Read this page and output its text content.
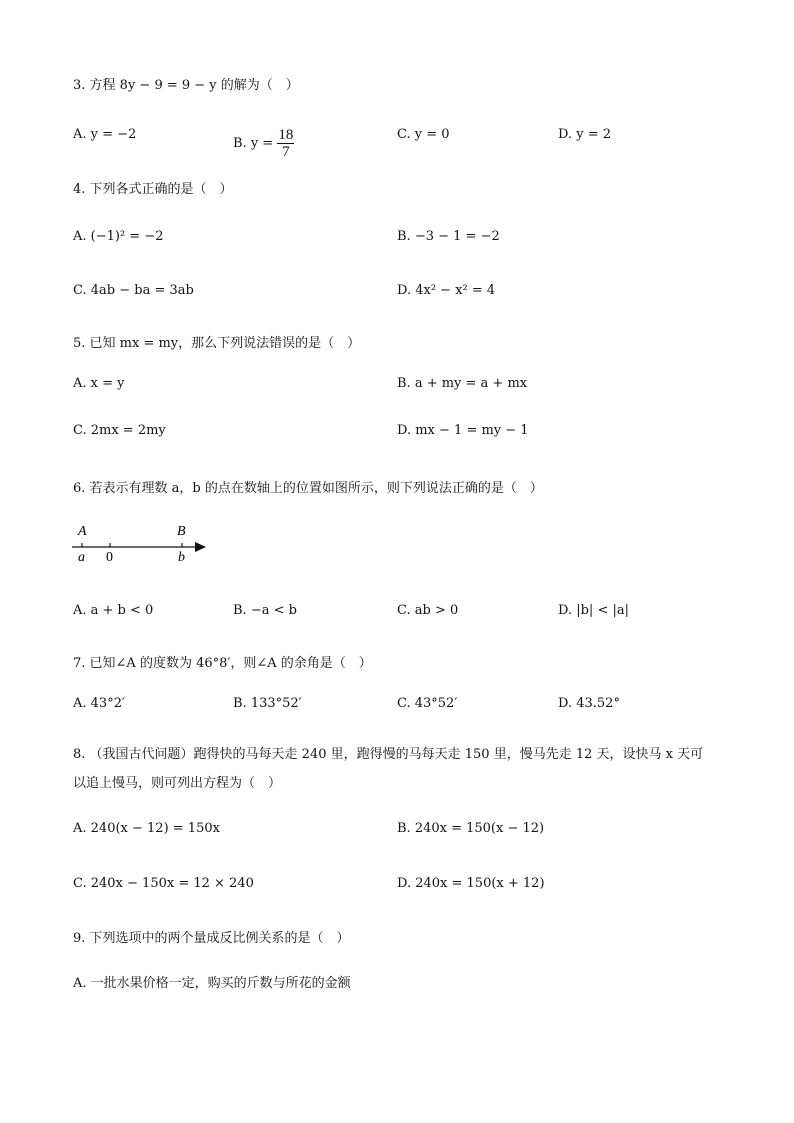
3. 方程 8y − 9 = 9 − y 的解为（　）
A. y = −2
B. $y = \frac{18}{7}$	C. y = 0	D. y = 2
4. 下列各式正确的是（　）
A. (−1)² = −2	B. −3 − 1 = −2
C. 4ab − ba = 3ab	D. 4x² − x² = 4
5. 已知 mx = my，那么下列说法错误的是（　）
A. x = y	B. a + my = a + mx
C. 2mx = 2my	D. mx − 1 = my − 1
6. 若表示有理数 a，b 的点在数轴上的位置如图所示，则下列说法正确的是（　）
A	B
a 0	b
A. a + b < 0	B. −a < b	C. ab > 0	D. |b| < |a|
7. 已知∠A 的度数为 46°8′，则∠A 的余角是（　）
A. 43°2′	B. 133°52′	C. 43°52′	D. 43.52°
8. （我国古代问题）跑得快的马每天走 240 里，跑得慢的马每天走 150 里，慢马先走 12 天，设快马 x 天可
以追上慢马，则可列出方程为（　）
A. 240(x − 12) = 150x	B. 240x = 150(x − 12)
C. 240x − 150x = 12 × 240	D. 240x = 150(x + 12)
9. 下列选项中的两个量成反比例关系的是（　）
A. 一批水果价格一定，购买的斤数与所花的金额
